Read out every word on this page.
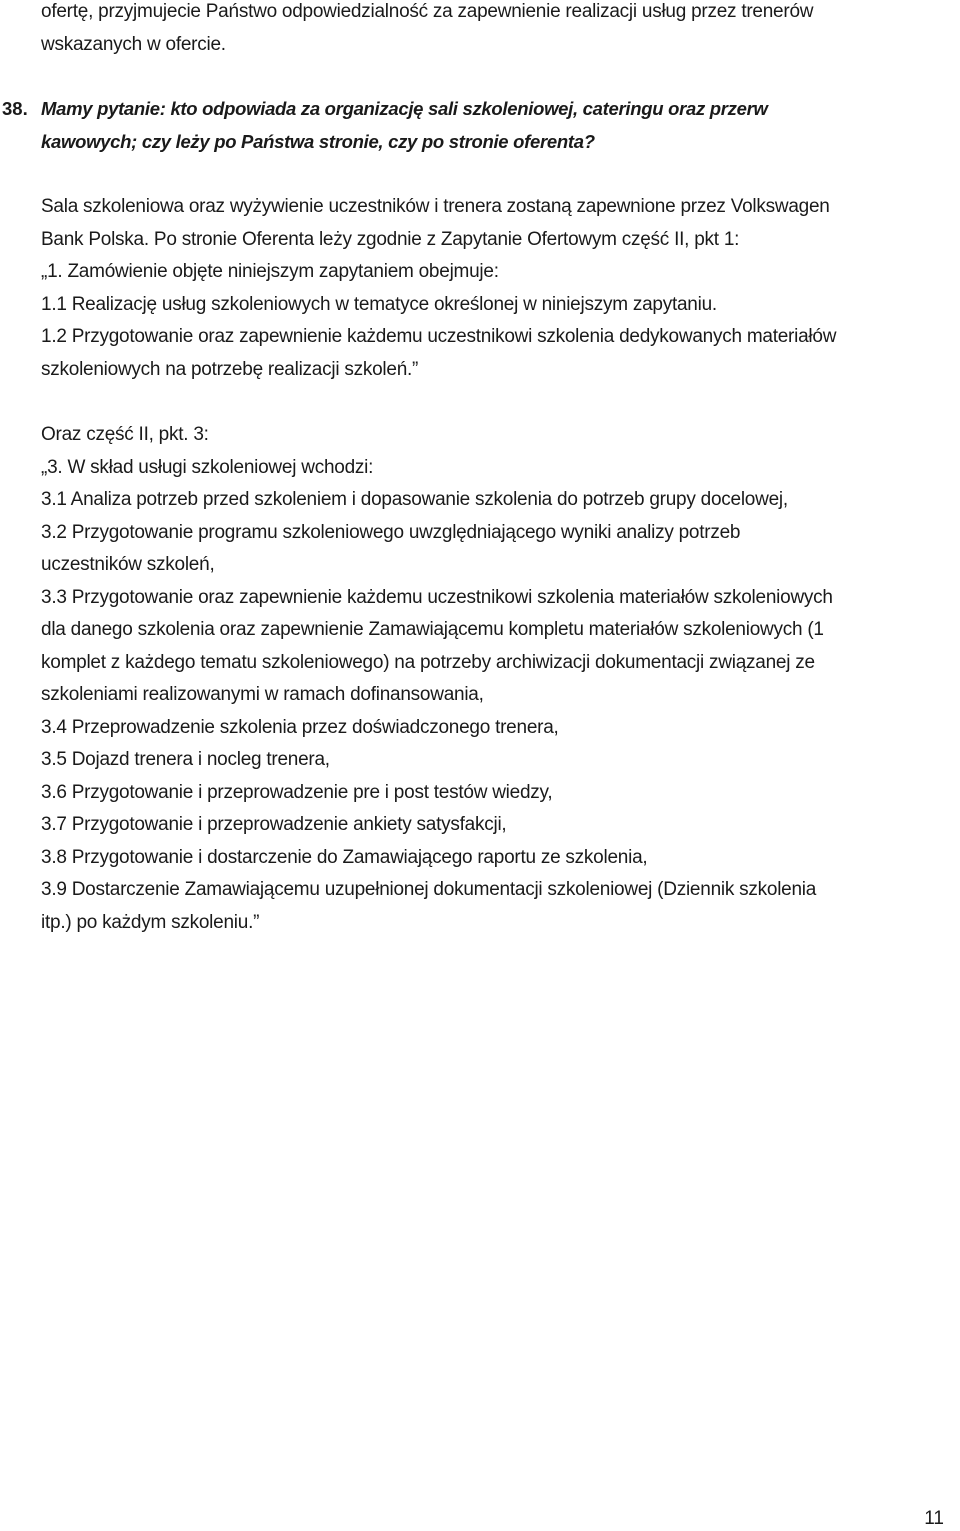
ofertę, przyjmujecie Państwo odpowiedzialność za zapewnienie realizacji usług przez trenerów
wskazanych w ofercie.
38. Mamy pytanie: kto odpowiada za organizację sali szkoleniowej, cateringu oraz przerw
kawowych; czy leży po Państwa stronie, czy po stronie oferenta?
Sala szkoleniowa oraz wyżywienie uczestników i trenera zostaną zapewnione przez Volkswagen
Bank Polska. Po stronie Oferenta leży zgodnie z Zapytanie Ofertowym część II, pkt 1:
„1. Zamówienie objęte niniejszym zapytaniem obejmuje:
1.1 Realizację usług szkoleniowych w tematyce określonej w niniejszym zapytaniu.
1.2 Przygotowanie oraz zapewnienie każdemu uczestnikowi szkolenia dedykowanych materiałów
szkoleniowych na potrzebę realizacji szkoleń.”
Oraz część II, pkt. 3:
„3. W skład usługi szkoleniowej wchodzi:
3.1 Analiza potrzeb przed szkoleniem i dopasowanie szkolenia do potrzeb grupy docelowej,
3.2 Przygotowanie programu szkoleniowego uwzględniającego wyniki analizy potrzeb
uczestników szkoleń,
3.3 Przygotowanie oraz zapewnienie każdemu uczestnikowi szkolenia materiałów szkoleniowych
dla danego szkolenia oraz zapewnienie Zamawiającemu kompletu materiałów szkoleniowych (1
komplet z każdego tematu szkoleniowego) na potrzeby archiwizacji dokumentacji związanej ze
szkoleniami realizowanymi w ramach dofinansowania,
3.4 Przeprowadzenie szkolenia przez doświadczonego trenera,
3.5 Dojazd trenera i nocleg trenera,
3.6 Przygotowanie i przeprowadzenie pre i post testów wiedzy,
3.7 Przygotowanie i przeprowadzenie ankiety satysfakcji,
3.8 Przygotowanie i dostarczenie do Zamawiającego raportu ze szkolenia,
3.9 Dostarczenie Zamawiającemu uzupełnionej dokumentacji szkoleniowej (Dziennik szkolenia
itp.) po każdym szkoleniu.”
11
